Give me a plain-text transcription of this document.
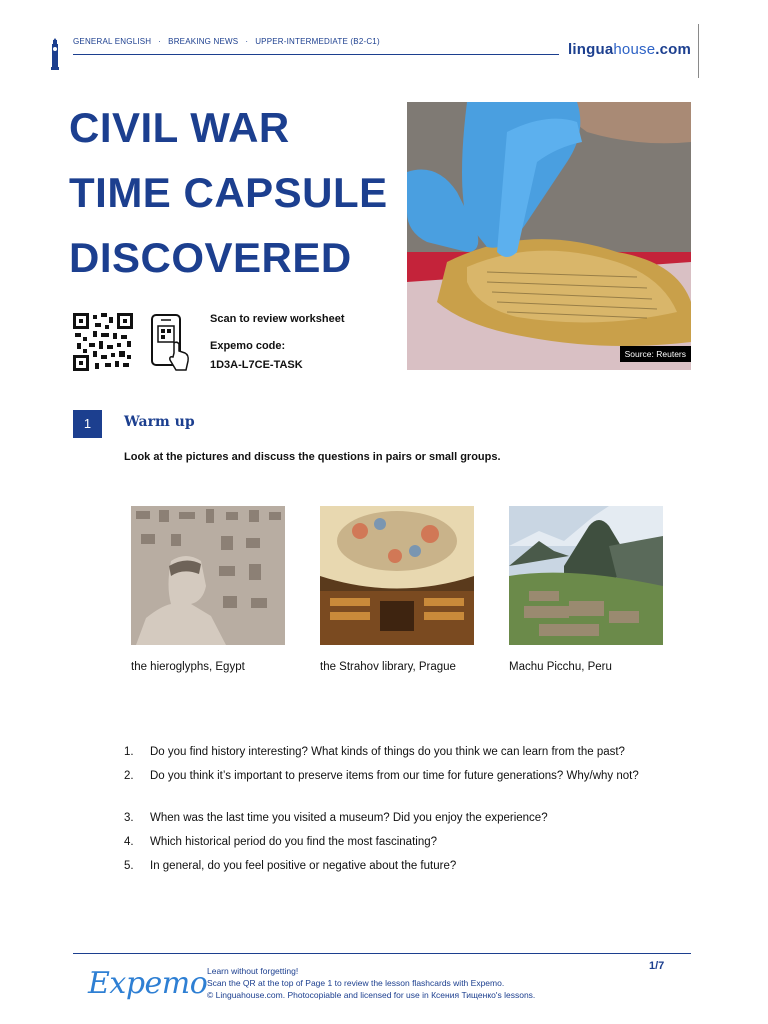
GENERAL ENGLISH · BREAKING NEWS · UPPER-INTERMEDIATE (B2-C1)	linguahouse.com
CIVIL WAR
TIME CAPSULE
DISCOVERED
Scan to review worksheet
Expemo code:
1D3A-L7CE-TASK
Source: Reuters
1	Warm up
Look at the pictures and discuss the questions in pairs or small groups.
the hieroglyphs, Egypt	the Strahov library, Prague	Machu Picchu, Peru
1. Do you find history interesting? What kinds of things do you think we can learn from the past?
2. Do you think it’s important to preserve items from our time for future generations? Why/why not?
3. When was the last time you visited a museum? Did you enjoy the experience?
4. Which historical period do you find the most fascinating?
5. In general, do you feel positive or negative about the future?
Expemo Learn without forgetting!
Scan the QR at the top of Page 1 to review the lesson flashcards with Expemo.
© Linguahouse.com. Photocopiable and licensed for use in Ксения Тищенко's lessons.
1/7
